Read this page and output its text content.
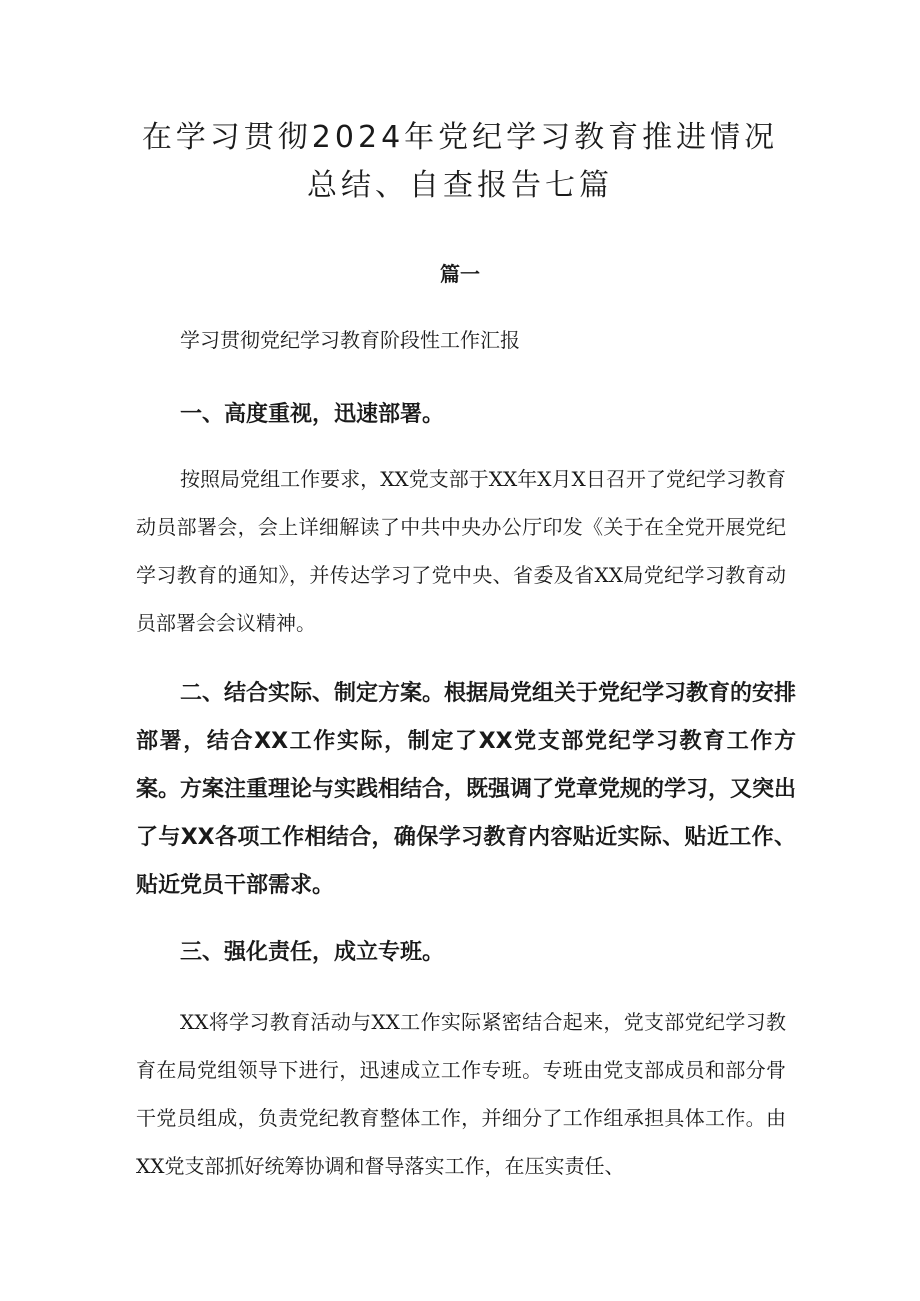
在学习贯彻2024年党纪学习教育推进情况
总结、自查报告七篇
篇一

学习贯彻党纪学习教育阶段性工作汇报

一、高度重视，迅速部署。

按照局党组工作要求，XX党支部于XX年X月X日召开了党纪学习教育动员部署会，会上详细解读了中共中央办公厅印发《关于在全党开展党纪学习教育的通知》，并传达学习了党中央、省委及省XX局党纪学习教育动员部署会会议精神。

二、结合实际、制定方案。根据局党组关于党纪学习教育的安排部署，结合XX工作实际，制定了XX党支部党纪学习教育工作方案。方案注重理论与实践相结合，既强调了党章党规的学习，又突出了与XX各项工作相结合，确保学习教育内容贴近实际、贴近工作、贴近党员干部需求。

三、强化责任，成立专班。

XX将学习教育活动与XX工作实际紧密结合起来，党支部党纪学习教育在局党组领导下进行，迅速成立工作专班。专班由党支部成员和部分骨干党员组成，负责党纪教育整体工作，并细分了工作组承担具体工作。由XX党支部抓好统筹协调和督导落实工作，在压实责任、
